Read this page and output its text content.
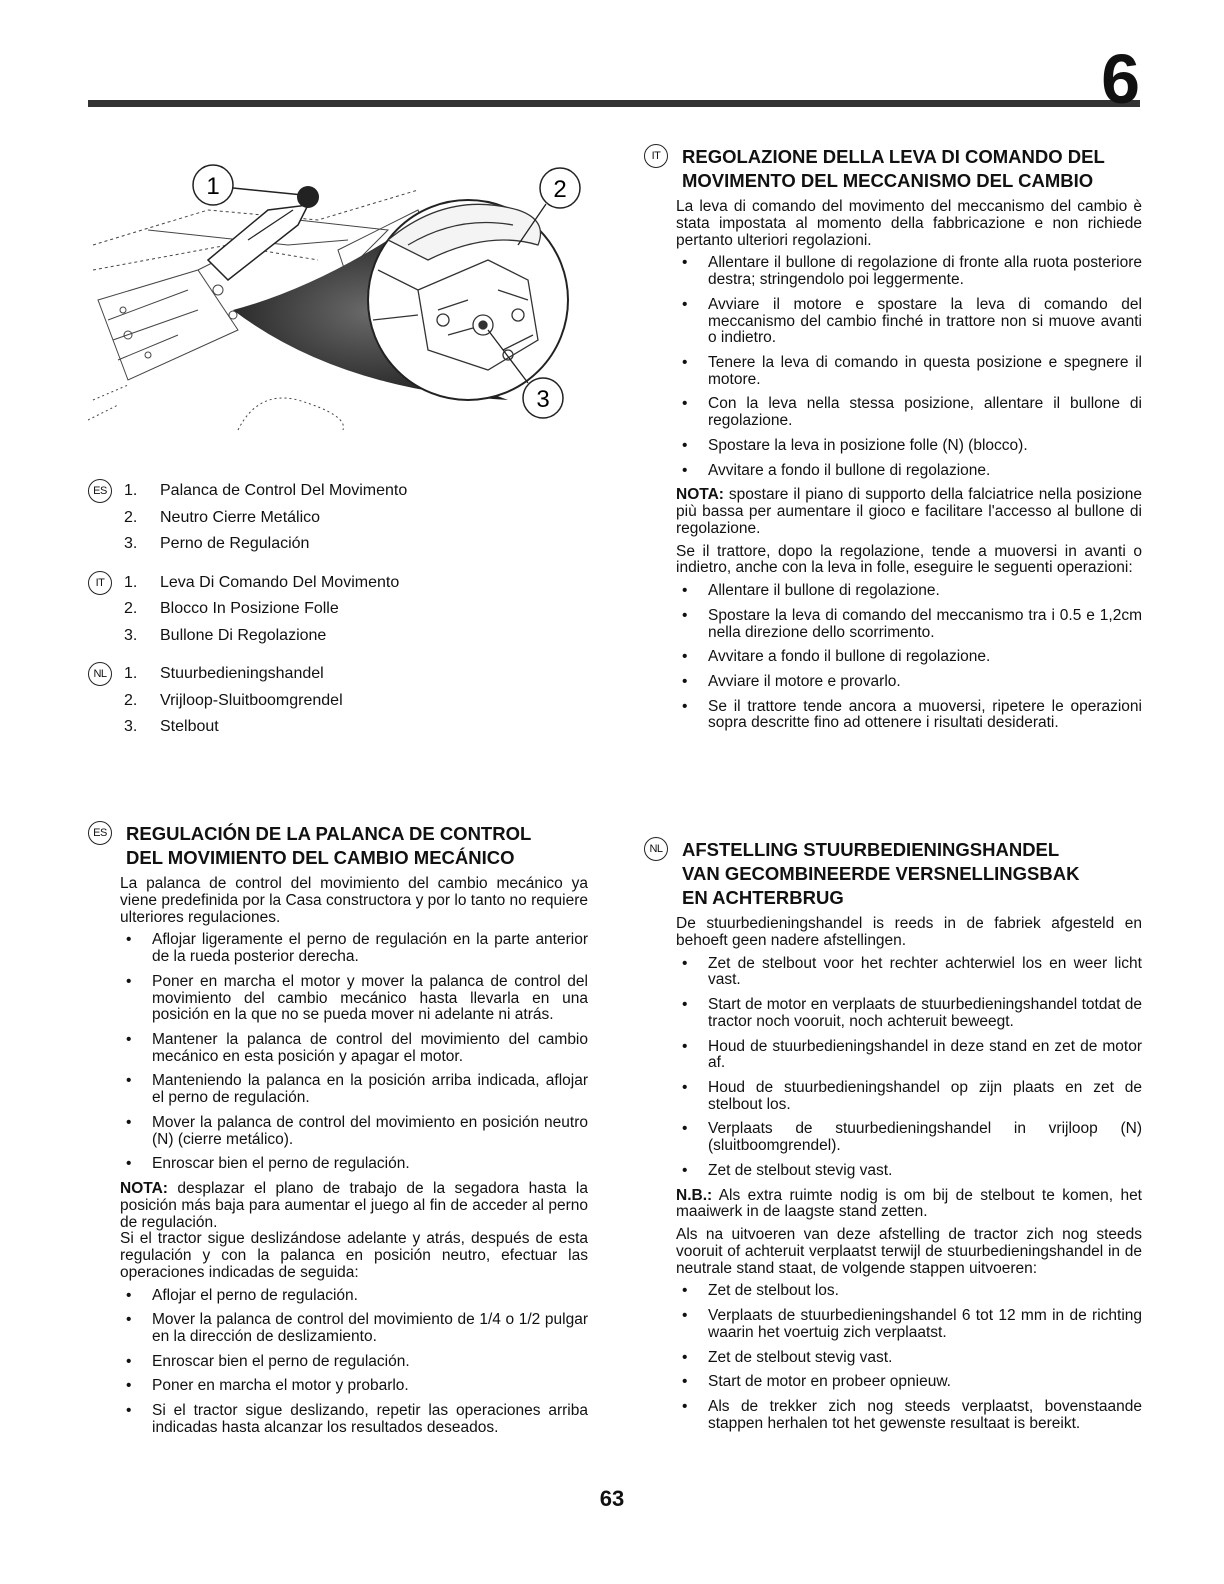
6
1	2
3
ES	1.	Palanca de Control Del Movimento
2.	Neutro Cierre Metálico
3.	Perno de Regulación
IT	1.	Leva Di Comando Del Movimento
2.	Blocco In Posizione Folle
3.	Bullone Di Regolazione
NL	1.	Stuurbedieningshandel
2.	Vrijloop-Sluitboomgrendel
3.	Stelbout
IT	REGOLAZIONE DELLA LEVA DI COMANDO DEL
MOVIMENTO DEL MECCANISMO DEL CAMBIO
La leva di comando del movimento del meccanismo del cambio è stata impostata al momento della fabbricazione e non richiede pertanto ulteriori regolazioni.
•	Allentare il bullone di regolazione di fronte alla ruota posteriore destra; stringendolo poi leggermente.
•	Avviare il motore e spostare la leva di comando del meccanismo del cambio finché in trattore non si muove avanti o indietro.
•	Tenere la leva di comando in questa posizione e spegnere il motore.
•	Con la leva nella stessa posizione, allentare il bullone di regolazione.
•	Spostare la leva in posizione folle (N) (blocco).
•	Avvitare a fondo il bullone di regolazione.
NOTA: spostare il piano di supporto della falciatrice nella posizione più bassa per aumentare il gioco e facilitare l'accesso al bullone di regolazione.
Se il trattore, dopo la regolazione, tende a muoversi in avanti o indietro, anche con la leva in folle, eseguire le seguenti operazioni:
•	Allentare il bullone di regolazione.
•	Spostare la leva di comando del meccanismo tra i 0.5 e 1,2cm nella direzione dello scorrimento.
•	Avvitare a fondo il bullone di regolazione.
•	Avviare il motore e provarlo.
•	Se il trattore tende ancora a muoversi, ripetere le operazioni sopra descritte fino ad ottenere i risultati desiderati.
ES REGULACIÓN DE LA PALANCA DE CONTROL
DEL MOVIMIENTO DEL CAMBIO MECÁNICO
La palanca de control del movimiento del cambio mecánico ya viene predefinida por la Casa constructora y por lo tanto no requiere ulteriores regulaciones.
•	Aflojar ligeramente el perno de regulación en la parte anterior de la rueda posterior derecha.
•	Poner en marcha el motor y mover la palanca de control del movimiento del cambio mecánico hasta llevarla en una posición en la que no se pueda mover ni adelante ni atrás.
•	Mantener la palanca de control del movimiento del cambio mecánico en esta posición y apagar el motor.
•	Manteniendo la palanca en la posición arriba indicada, aflojar el perno de regulación.
•	Mover la palanca de control del movimiento en posición neutro (N) (cierre metálico).
•	Enroscar bien el perno de regulación.
NOTA: desplazar el plano de trabajo de la segadora hasta la posición más baja para aumentar el juego al fin de acceder al perno de regulación.
Si el tractor sigue deslizándose adelante y atrás, después de esta regulación y con la palanca en posición neutro, efectuar las operaciones indicadas de seguida:
•	Aflojar el perno de regulación.
•	Mover la palanca de control del movimiento de 1/4 o 1/2 pulgar en la dirección de deslizamiento.
•	Enroscar bien el perno de regulación.
•	Poner en marcha el motor y probarlo.
•	Si el tractor sigue deslizando, repetir las operaciones arriba indicadas hasta alcanzar los resultados deseados.
NL AFSTELLING STUURBEDIENINGSHANDEL
VAN GECOMBINEERDE VERSNELLINGSBAK
EN ACHTERBRUG
De stuurbedieningshandel is reeds in de fabriek afgesteld en behoeft geen nadere afstellingen.
•	Zet de stelbout voor het rechter achterwiel los en weer licht vast.
•	Start de motor en verplaats de stuurbedieningshandel totdat de tractor noch vooruit, noch achteruit beweegt.
•	Houd de stuurbedieningshandel in deze stand en zet de motor af.
•	Houd de stuurbedieningshandel op zijn plaats en zet de stelbout los.
•	Verplaats de stuurbedieningshandel in vrijloop (N) (sluitboomgrendel).
•	Zet de stelbout stevig vast.
N.B.: Als extra ruimte nodig is om bij de stelbout te komen, het maaiwerk in de laagste stand zetten.
Als na uitvoeren van deze afstelling de tractor zich nog steeds vooruit of achteruit verplaatst terwijl de stuurbedieningshandel in de neutrale stand staat, de volgende stappen uitvoeren:
•	Zet de stelbout los.
•	Verplaats de stuurbedieningshandel 6 tot 12 mm in de richting waarin het voertuig zich verplaatst.
•	Zet de stelbout stevig vast.
•	Start de motor en probeer opnieuw.
•	Als de trekker zich nog steeds verplaatst, bovenstaande stappen herhalen tot het gewenste resultaat is bereikt.
63
